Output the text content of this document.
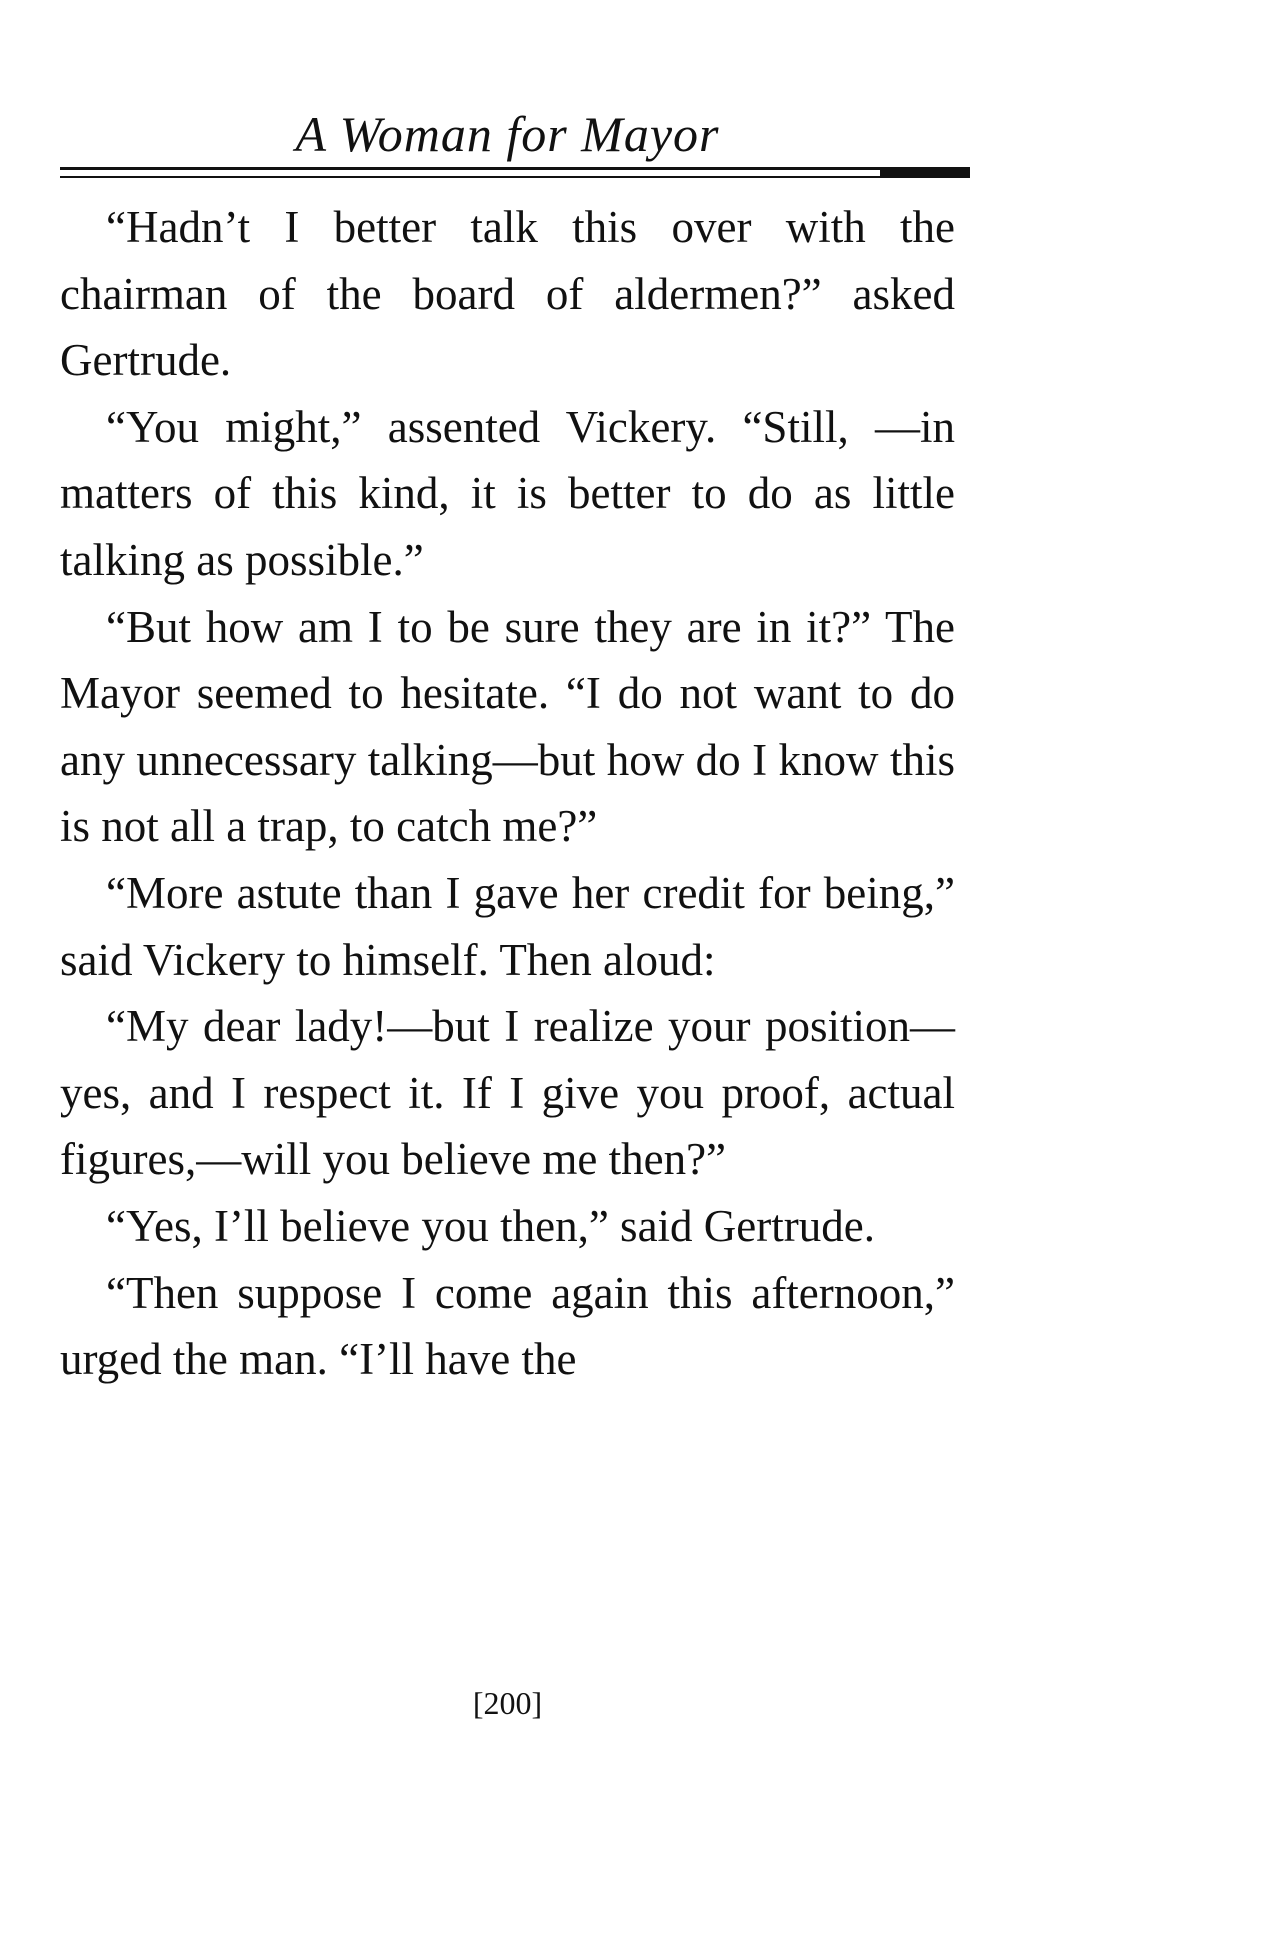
A Woman for Mayor

“Hadn’t I better talk this over with the chairman of the board of aldermen?” asked Gertrude.

“You might,” assented Vickery. “Still, —in matters of this kind, it is better to do as little talking as possible.”

“But how am I to be sure they are in it?” The Mayor seemed to hesitate. “I do not want to do any unnecessary talking—but how do I know this is not all a trap, to catch me?”

“More astute than I gave her credit for being,” said Vickery to himself. Then aloud:

“My dear lady!—but I realize your position—yes, and I respect it. If I give you proof, actual figures,—will you believe me then?”

“Yes, I’ll believe you then,” said Gertrude.

“Then suppose I come again this afternoon,” urged the man. “I’ll have the

[200]
